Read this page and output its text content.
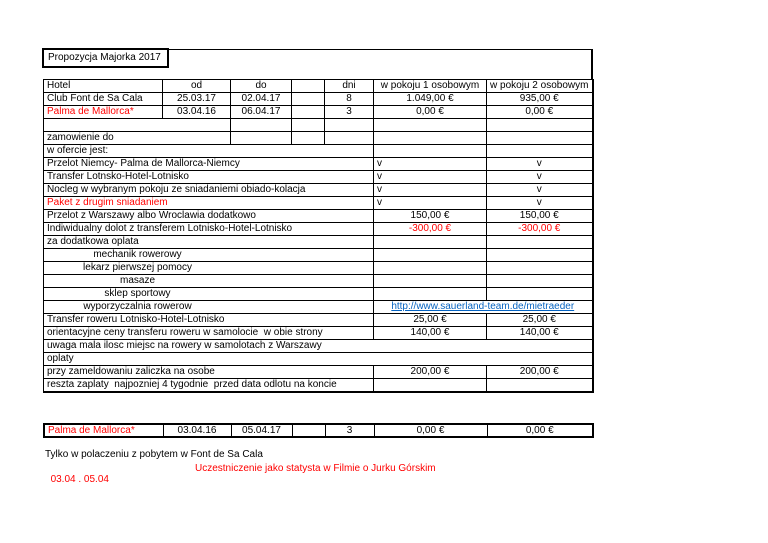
Propozycja Majorka 2017
Hotel	od	do		dni	w pokoju 1 osobowym	w pokoju 2 osobowym
Club Font de Sa Cala	25.03.17	02.04.17		8	1.049,00 €	935,00 €
Palma de Mallorca*	03.04.16	06.04.17		3	0,00 €	0,00 €

zamowienie do						
w ofercie jest:						
Przelot Niemcy- Palma de Mallorca-Niemcy					v	v
Transfer Lotnsko-Hotel-Lotnisko					v	v
Nocleg w wybranym pokoju ze sniadaniemi obiado-kolacja					v	v
Paket z drugim sniadaniem					v	v
Przelot z Warszawy albo Wroclawia dodatkowo					150,00 €	150,00 €
Indiwidualny dolot z transferem Lotnisko-Hotel-Lotnisko					-300,00 €	-300,00 €
za dodatkowa oplata						
mechanik rowerowy						
lekarz pierwszej pomocy						
masaze						
sklep sportowy						
wyporzyczalnia rowerow					http://www.sauerland-team.de/mietraeder	
Transfer roweru Lotnisko-Hotel-Lotnisko					25,00 €	25,00 €
orientacyjne ceny transferu roweru w samolocie  w obie strony					140,00 €	140,00 €
uwaga mala ilosc miejsc na rowery w samolotach z Warszawy						
oplaty						
przy zameldowaniu zaliczka na osobe					200,00 €	200,00 €
reszta zaplaty  najpozniej 4 tygodnie  przed data odlotu na koncie						
Palma de Mallorca*	03.04.16	05.04.17		3	0,00 €	0,00 €
Tylko w polaczeniu z pobytem w Font de Sa Cala

03.04 . 05.04

Uczestniczenie jako statysta w Filmie o Jurku Górskim
